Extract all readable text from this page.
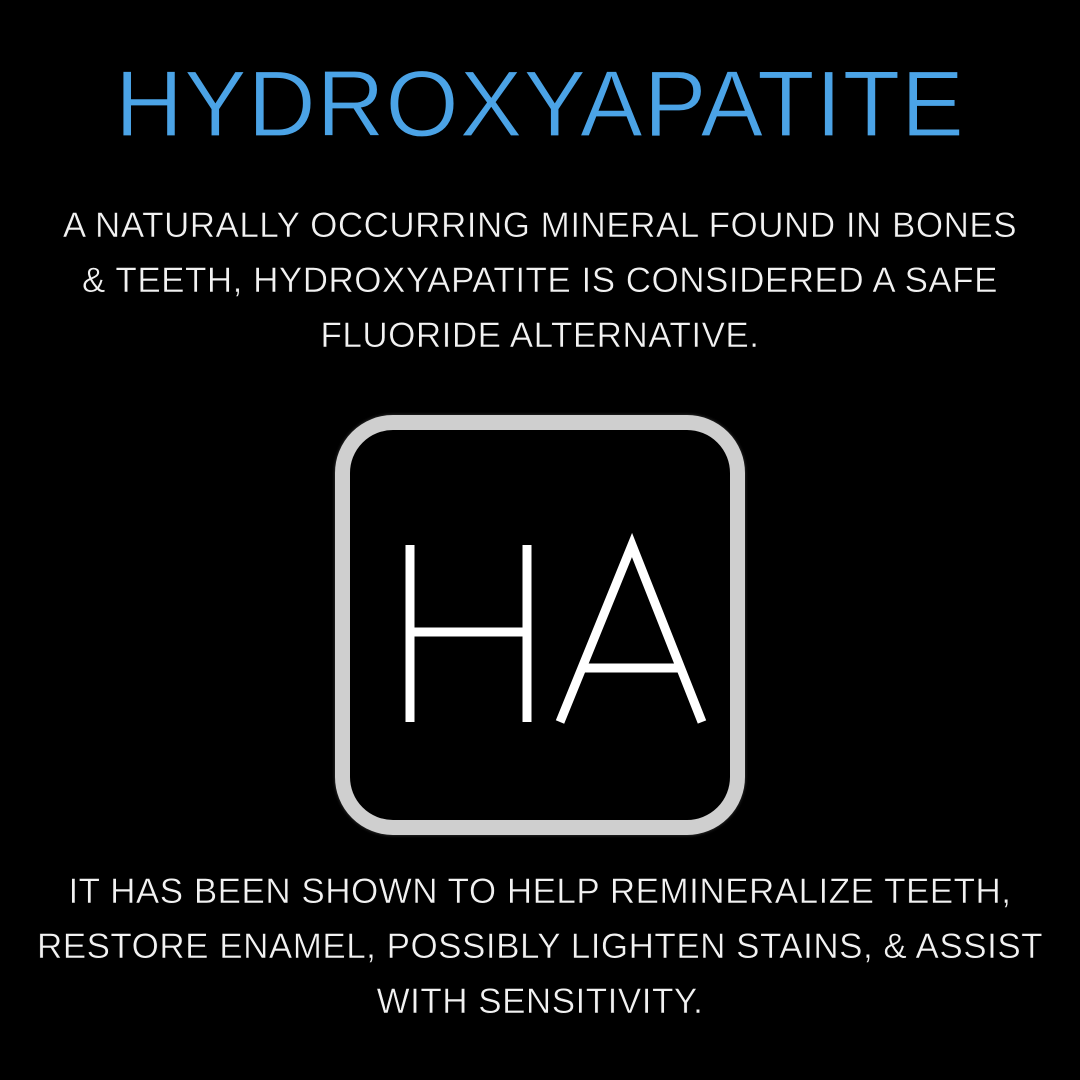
HYDROXYAPATITE
A NATURALLY OCCURRING MINERAL FOUND IN BONES
& TEETH, HYDROXYAPATITE IS CONSIDERED A SAFE
FLUORIDE ALTERNATIVE.
IT HAS BEEN SHOWN TO HELP REMINERALIZE TEETH,
RESTORE ENAMEL, POSSIBLY LIGHTEN STAINS, & ASSIST
WITH SENSITIVITY.
